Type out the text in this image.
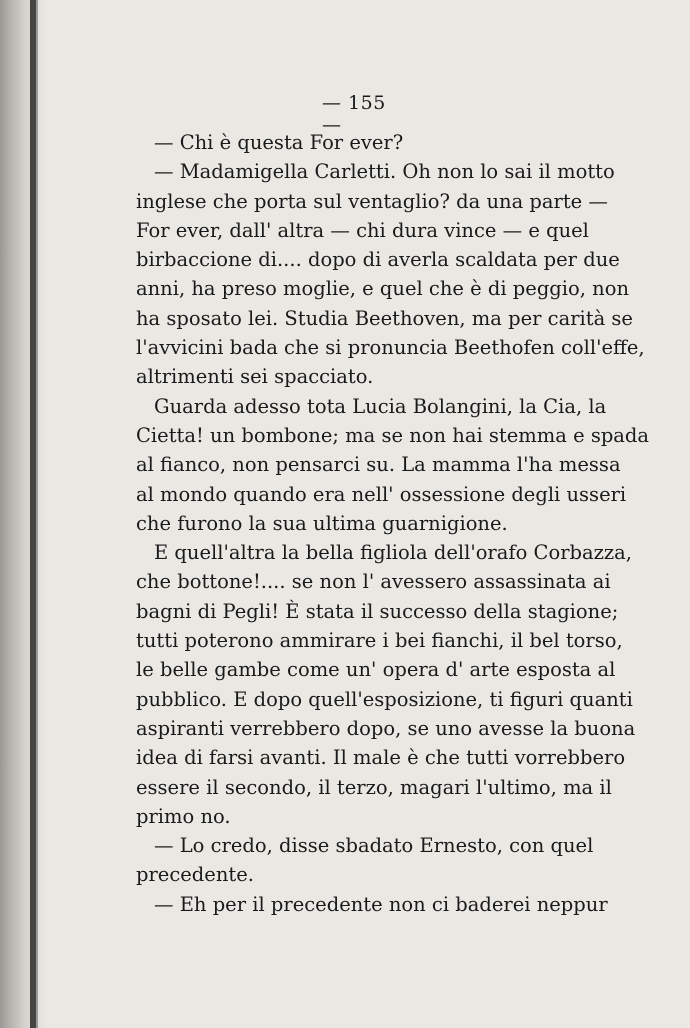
— 155 —
— Chi è questa For ever?
— Madamigella Carletti. Oh non lo sai il motto
inglese che porta sul ventaglio? da una parte —
For ever, dall' altra — chi dura vince — e quel
birbaccione di.... dopo di averla scaldata per due
anni, ha preso moglie, e quel che è di peggio, non
ha sposato lei. Studia Beethoven, ma per carità se
l'avvicini bada che si pronuncia Beethofen coll'effe,
altrimenti sei spacciato.
Guarda adesso tota Lucia Bolangini, la Cia, la
Cietta! un bombone; ma se non hai stemma e spada
al fianco, non pensarci su. La mamma l'ha messa
al mondo quando era nell' ossessione degli usseri
che furono la sua ultima guarnigione.
E quell'altra la bella figliola dell'orafo Corbazza,
che bottone!.... se non l' avessero assassinata ai
bagni di Pegli! È stata il successo della stagione;
tutti poterono ammirare i bei fianchi, il bel torso,
le belle gambe come un' opera d' arte esposta al
pubblico. E dopo quell'esposizione, ti figuri quanti
aspiranti verrebbero dopo, se uno avesse la buona
idea di farsi avanti. Il male è che tutti vorrebbero
essere il secondo, il terzo, magari l'ultimo, ma il
primo no.
— Lo credo, disse sbadato Ernesto, con quel
precedente.
— Eh per il precedente non ci baderei neppur
